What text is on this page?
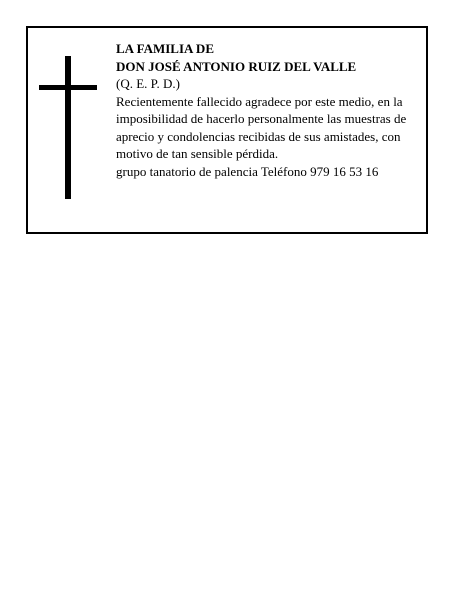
LA FAMILIA DE
DON JOSÉ ANTONIO RUIZ DEL VALLE
(Q. E. P. D.)
Recientemente fallecido agradece por este medio, en la imposibilidad de hacerlo personalmente las muestras de aprecio y condolencias recibidas de sus amistades, con motivo de tan sensible pérdida.
grupo tanatorio de palencia Teléfono 979 16 53 16
